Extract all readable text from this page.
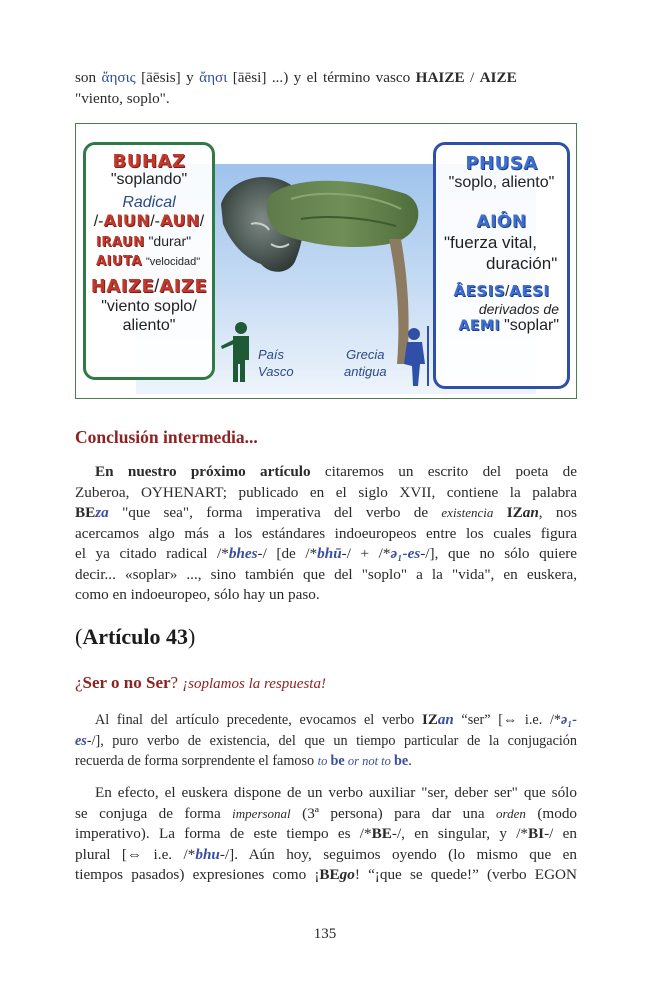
son ἄησις [āēsis] y ἄησι [āēsi] ...) y el término vasco HAIZE / AIZE
"viento, soplo".
País
Vasco
Grecia
antigua
BUHAZ
"soplando"
Radical
/-AIUN/-AUN/
IRAUN "durar"
AIUTA "velocidad"
HAIZE/AIZE
"viento soplo/
aliento"
PHUSA
"soplo, aliento"
AIÔN
"fuerza vital,
duración"
ÂESIS/AESI
derivados de
AEMI "soplar"
Conclusión intermedia...
En nuestro próximo artículo citaremos un escrito del poeta de
Zuberoa, OYHENART; publicado en el siglo XVII, contiene la palabra
BEza "que sea", forma imperativa del verbo de existencia IZan, nos
acercamos algo más a los estándares indoeuropeos entre los cuales figura
el ya citado radical /*bhes-/ [de /*bhū-/ + /*ə₁-es-/], que no sólo quiere
decir... «soplar» ..., sino también que del "soplo" a la "vida", en euskera,
como en indoeuropeo, sólo hay un paso.
(Artículo 43)
¿Ser o no Ser? ¡soplamos la respuesta!
Al final del artículo precedente, evocamos el verbo IZan “ser” [⇔ i.e. /*ə₁-
es-/], puro verbo de existencia, del que un tiempo particular de la conjugación
recuerda de forma sorprendente el famoso to be or not to be.
En efecto, el euskera dispone de un verbo auxiliar "ser, deber ser" que sólo
se conjuga de forma impersonal (3ª persona) para dar una orden (modo
imperativo). La forma de este tiempo es /*BE-/, en singular, y /*BI-/ en
plural [⇔ i.e. /*bhu-/]. Aún hoy, seguimos oyendo (lo mismo que en
tiempos pasados) expresiones como ¡BEgo! “¡que se quede!” (verbo EGON
135
